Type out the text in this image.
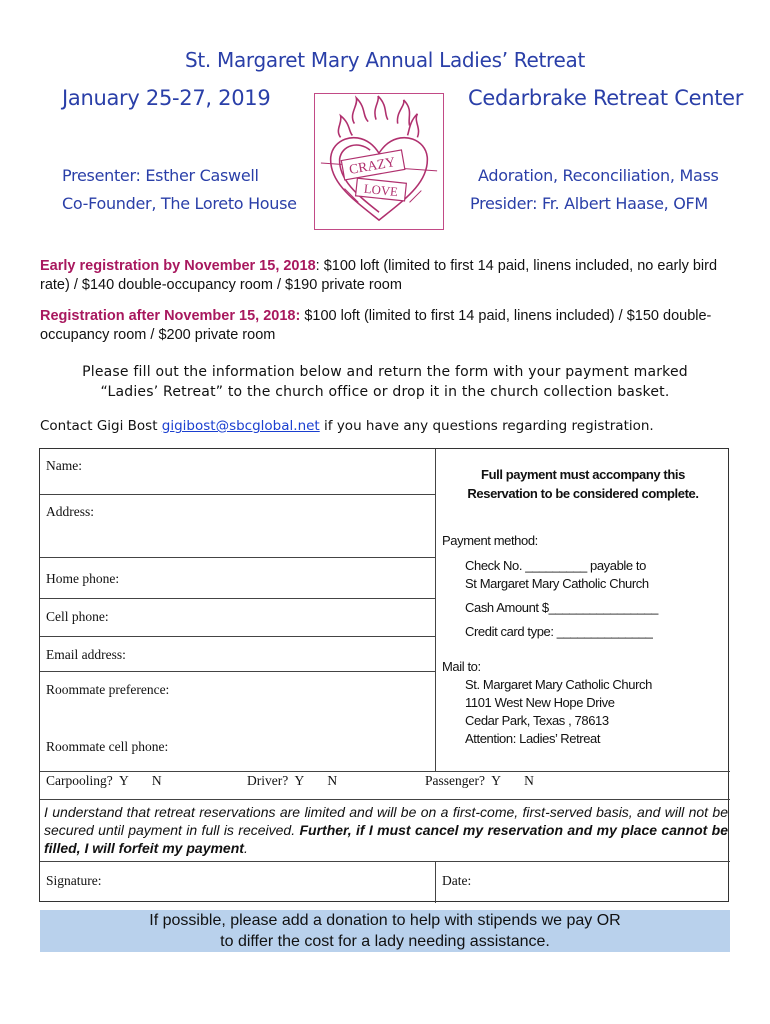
St. Margaret Mary Annual Ladies’ Retreat
January 25-27, 2019	Cedarbrake Retreat Center
Presenter: Esther Caswell
Co-Founder, The Loreto House
Adoration, Reconciliation, Mass
Presider: Fr. Albert Haase, OFM
CRAZY
LOVE
Early registration by November 15, 2018: $100 loft (limited to first 14 paid, linens included, no early bird rate) / $140 double-occupancy room / $190 private room
Registration after November 15, 2018: $100 loft (limited to first 14 paid, linens included) / $150 double-occupancy room / $200 private room
Please fill out the information below and return the form with your payment marked
“Ladies’ Retreat” to the church office or drop it in the church collection basket.
Contact Gigi Bost gigibost@sbcglobal.net if you have any questions regarding registration.
Name:
Address:
Home phone:
Cell phone:
Email address:
Roommate preference:
Roommate cell phone:
Full payment must accompany this
Reservation to be considered complete.
Payment method:
Check No. _________ payable to
St Margaret Mary Catholic Church
Cash Amount $________________
Credit card type: ______________
Mail to:
St. Margaret Mary Catholic Church
1101 West New Hope Drive
Cedar Park, Texas , 78613
Attention: Ladies’ Retreat
Carpooling?  Y       N	Driver?  Y       N	Passenger?  Y       N
Signature:	Date:
I understand that retreat reservations are limited and will be on a first-come, first-served basis, and will not be secured until payment in full is received. Further, if I must cancel my reservation and my place cannot be filled, I will forfeit my payment.
If possible, please add a donation to help with stipends we pay OR
to differ the cost for a lady needing assistance.
